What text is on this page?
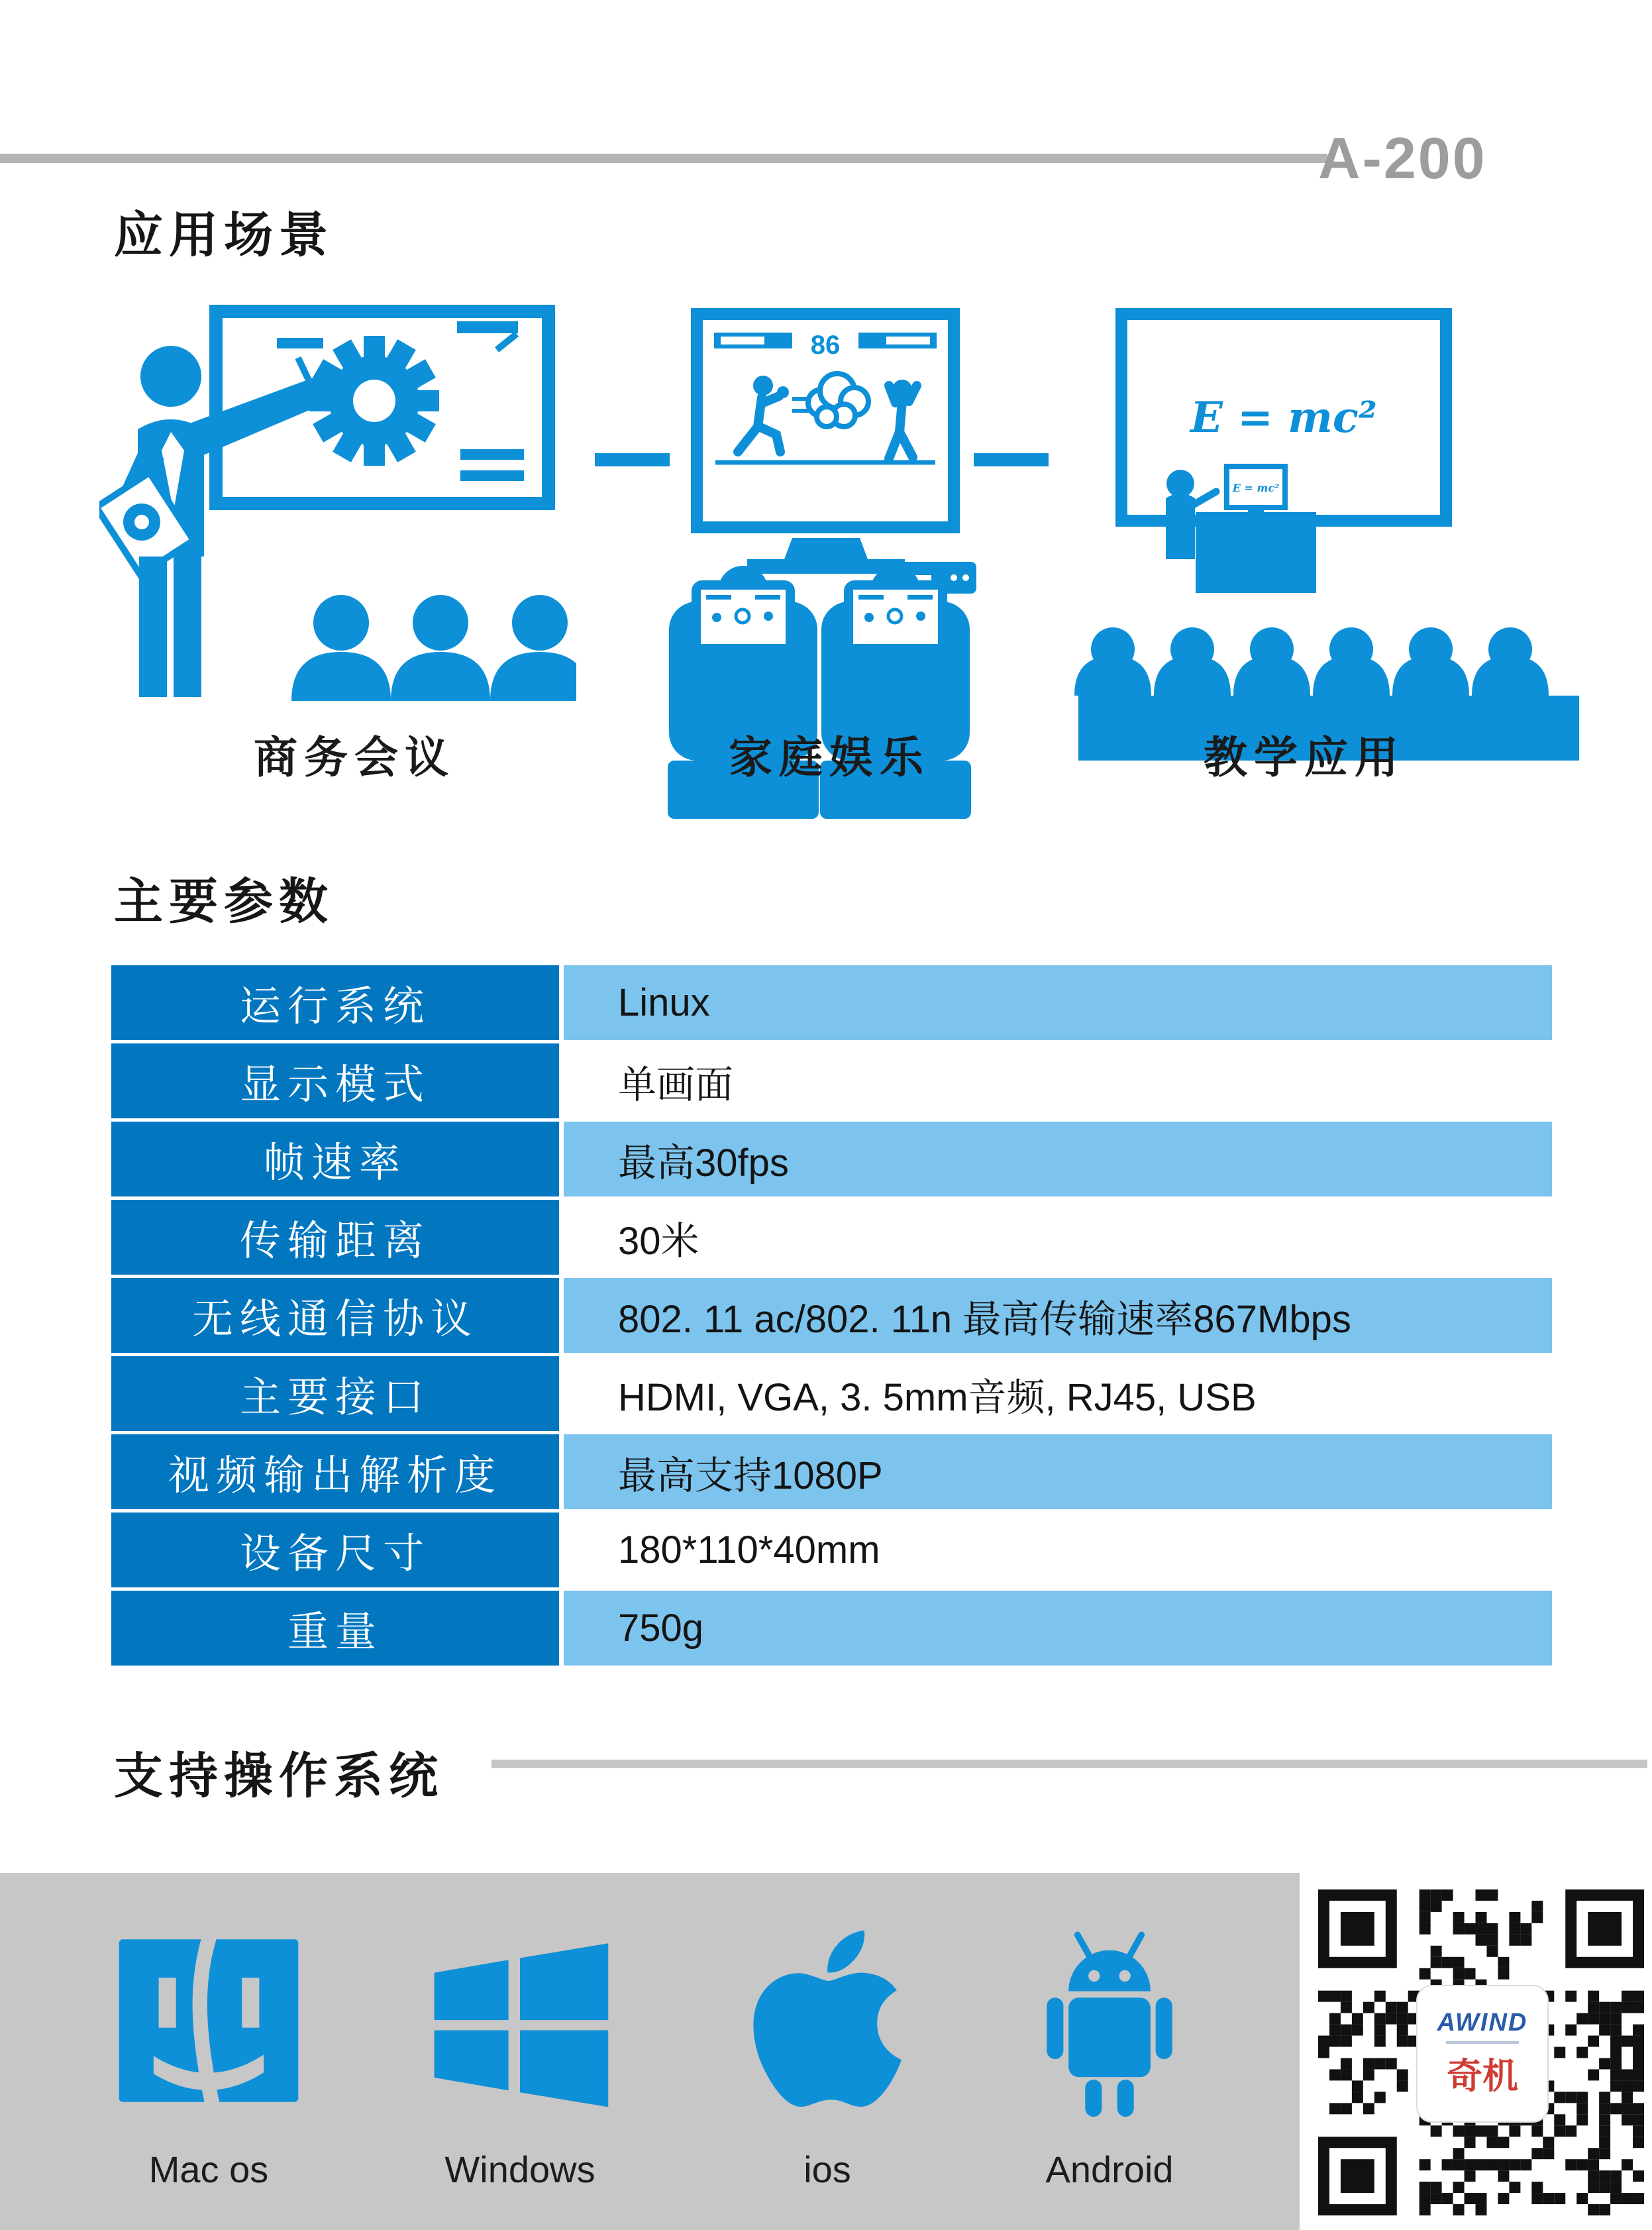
A-200
应用场景
86
E = mc²
E = mc²
商务会议	家庭娱乐	教学应用
主要参数
运行系统	Linux
显示模式	单画面
帧速率	最高30fps
传输距离	30米
无线通信协议	802. 11 ac/802. 11n 最高传输速率867Mbps
主要接口	HDMI, VGA, 3. 5mm音频, RJ45, USB
视频输出解析度	最高支持1080P
设备尺寸	180*110*40mm
重量	750g
支持操作系统
Mac os	Windows	ios	Android
AWIND
奇机
